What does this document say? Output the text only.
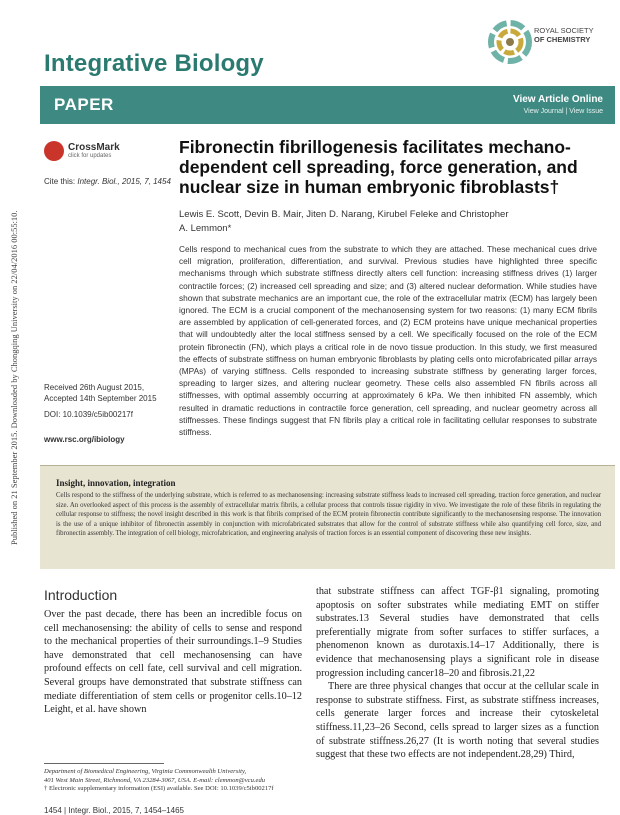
Published on 21 September 2015. Downloaded by Chongqing University on 22/04/2016 00:55:10.
Integrative Biology
ROYAL SOCIETY
OF CHEMISTRY
PAPER	View Article Online
View Journal | View Issue
CrossMark
click for updates
Cite this: Integr. Biol., 2015, 7, 1454
Received 26th August 2015,
Accepted 14th September 2015
DOI: 10.1039/c5ib00217f
www.rsc.org/ibiology
Fibronectin fibrillogenesis facilitates mechano-dependent cell spreading, force generation, and nuclear size in human embryonic fibroblasts†
Lewis E. Scott, Devin B. Mair, Jiten D. Narang, Kirubel Feleke and Christopher A. Lemmon*
Cells respond to mechanical cues from the substrate to which they are attached. These mechanical cues drive cell migration, proliferation, differentiation, and survival. Previous studies have highlighted three specific mechanisms through which substrate stiffness directly alters cell function: increasing stiffness drives (1) larger contractile forces; (2) increased cell spreading and size; and (3) altered nuclear deformation. While studies have shown that substrate mechanics are an important cue, the role of the extracellular matrix (ECM) has largely been ignored. The ECM is a crucial component of the mechanosensing system for two reasons: (1) many ECM fibrils are assembled by application of cell-generated forces, and (2) ECM proteins have unique mechanical properties that will undoubtedly alter the local stiffness sensed by a cell. We specifically focused on the role of the ECM protein fibronectin (FN), which plays a critical role in de novo tissue production. In this study, we first measured the effects of substrate stiffness on human embryonic fibroblasts by plating cells onto microfabricated pillar arrays (MPAs) of varying stiffness. Cells responded to increasing substrate stiffness by generating larger forces, spreading to larger sizes, and altering nuclear geometry. These cells also assembled FN fibrils across all stiffnesses, with optimal assembly occurring at approximately 6 kPa. We then inhibited FN assembly, which resulted in dramatic reductions in contractile force generation, cell spreading, and nuclear geometry across all stiffnesses. These findings suggest that FN fibrils play a critical role in facilitating cellular responses to substrate stiffness.
Insight, innovation, integration
Cells respond to the stiffness of the underlying substrate, which is referred to as mechanosensing: increasing substrate stiffness leads to increased cell spreading, traction force generation, and nuclear size. An overlooked aspect of this process is the assembly of extracellular matrix fibrils, a cellular process that controls tissue rigidity in vivo. We investigate the role of these fibrils in regulating the cellular response to stiffness; the novel insight described in this work is that fibrils comprised of the ECM protein fibronectin contribute significantly to the mechanosensing response. The innovation is the use of a unique inhibitor of fibronectin assembly in conjunction with microfabricated substrates that allow for the control of substrate stiffness while also quantifying cell force, size, and fibronectin assembly. The integration of cell biology, microfabrication, and engineering analysis of traction forces is an essential component of discovering these new insights.
Introduction
Over the past decade, there has been an incredible focus on cell mechanosensing: the ability of cells to sense and respond to the mechanical properties of their surroundings.1–9 Studies have demonstrated that cell mechanosensing can have profound effects on cell fate, cell survival and cell migration. Several groups have demonstrated that substrate stiffness can mediate differentiation of stem cells or progenitor cells.10–12 Leight, et al. have shown
that substrate stiffness can affect TGF-β1 signaling, promoting apoptosis on softer substrates while mediating EMT on stiffer substrates.13 Several studies have demonstrated that cells preferentially migrate from softer surfaces to stiffer surfaces, a phenomenon known as durotaxis.14–17 Additionally, there is evidence that mechanosensing plays a significant role in disease progression including cancer18–20 and fibrosis.21,22
There are three physical changes that occur at the cellular scale in response to substrate stiffness. First, as substrate stiffness increases, cells generate larger forces and increase their cytoskeletal stiffness.11,23–26 Second, cells spread to larger sizes as a function of substrate stiffness.26,27 (It is worth noting that several studies suggest that these two effects are not independent.28,29) Third,
Department of Biomedical Engineering, Virginia Commonwealth University,
401 West Main Street, Richmond, VA 23284-3067, USA. E-mail: clemmon@vcu.edu
† Electronic supplementary information (ESI) available. See DOI: 10.1039/c5ib00217f
1454 | Integr. Biol., 2015, 7, 1454–1465
